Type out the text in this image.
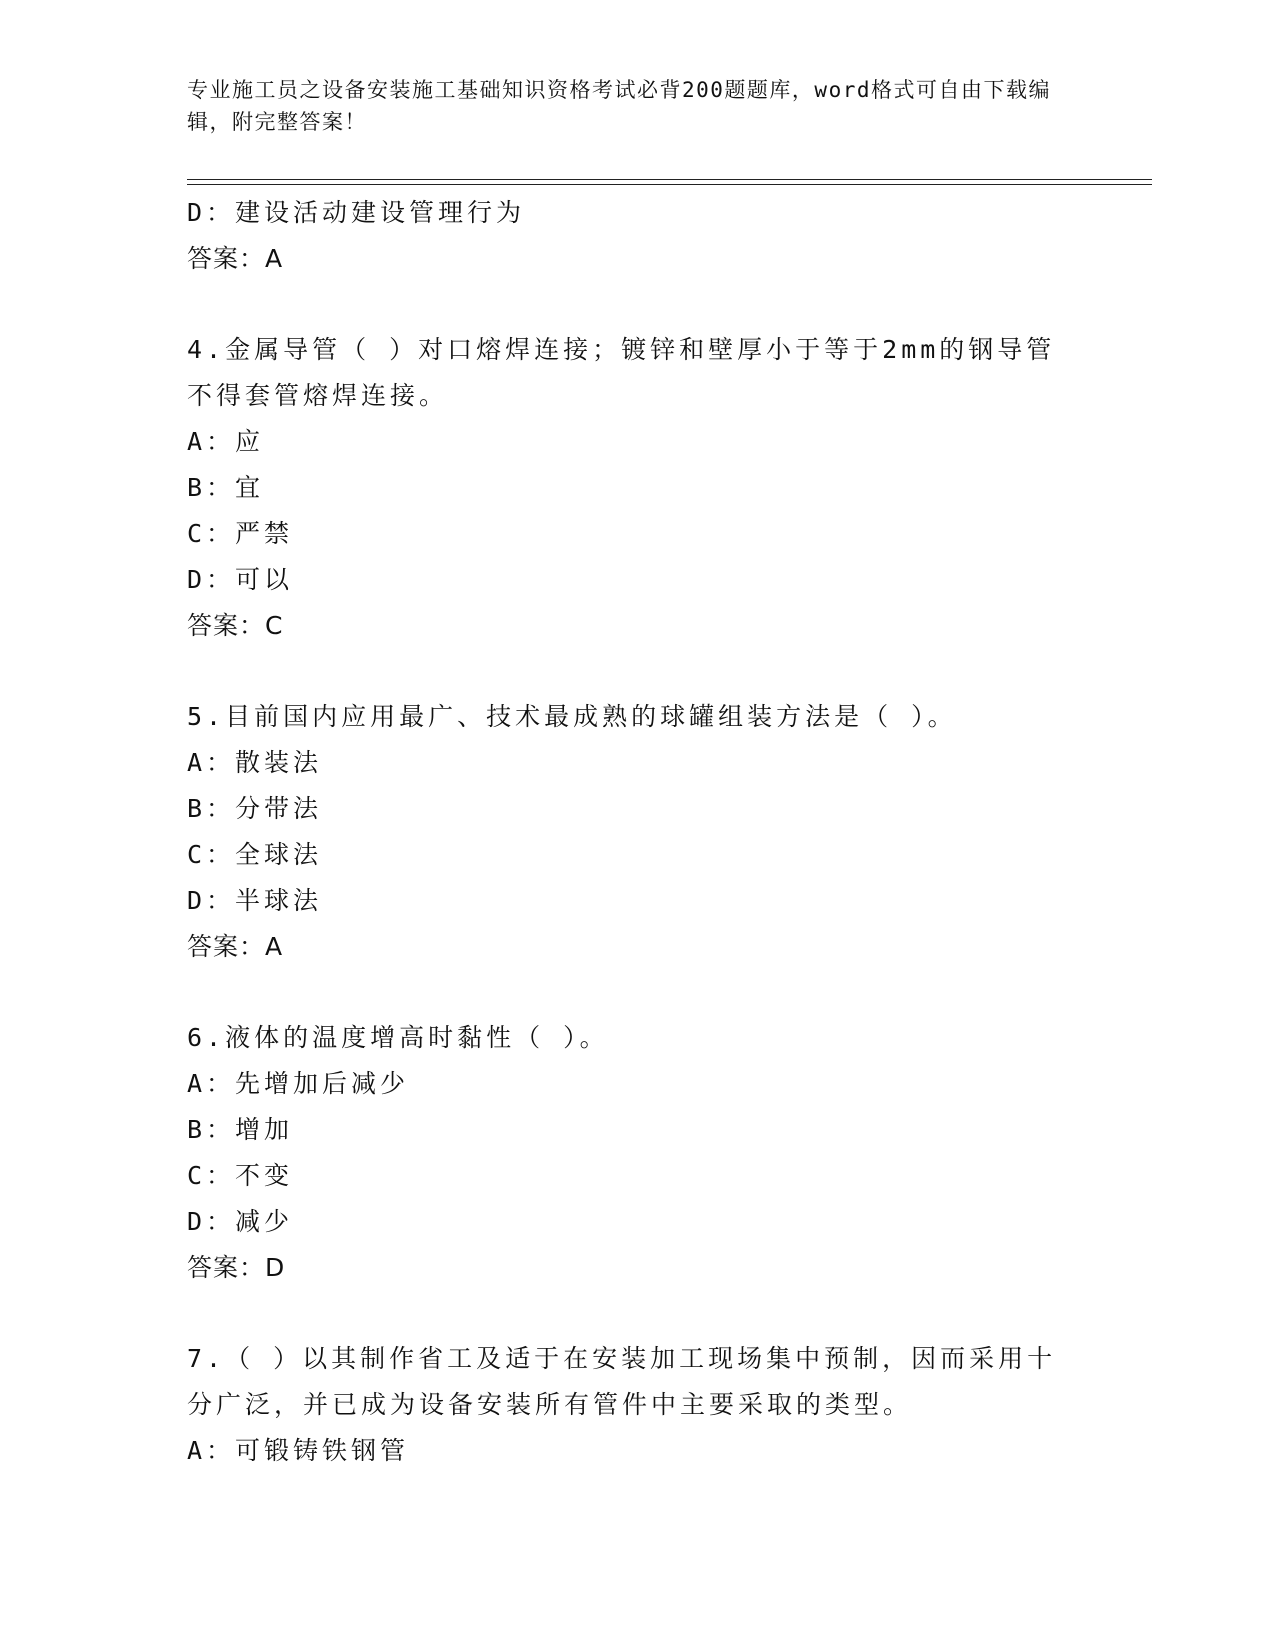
专业施工员之设备安装施工基础知识资格考试必背200题题库，word格式可自由下载编辑，附完整答案！
D：建设活动建设管理行为
答案：A
4.金属导管（ ）对口熔焊连接；镀锌和壁厚小于等于2mm的钢导管不得套管熔焊连接。
A：应
B：宜
C：严禁
D：可以
答案：C
5.目前国内应用最广、技术最成熟的球罐组装方法是（ ）。
A：散装法
B：分带法
C：全球法
D：半球法
答案：A
6.液体的温度增高时黏性（ ）。
A：先增加后减少
B：增加
C：不变
D：减少
答案：D
7.（ ）以其制作省工及适于在安装加工现场集中预制，因而采用十分广泛，并已成为设备安装所有管件中主要采取的类型。
A：可锻铸铁钢管
